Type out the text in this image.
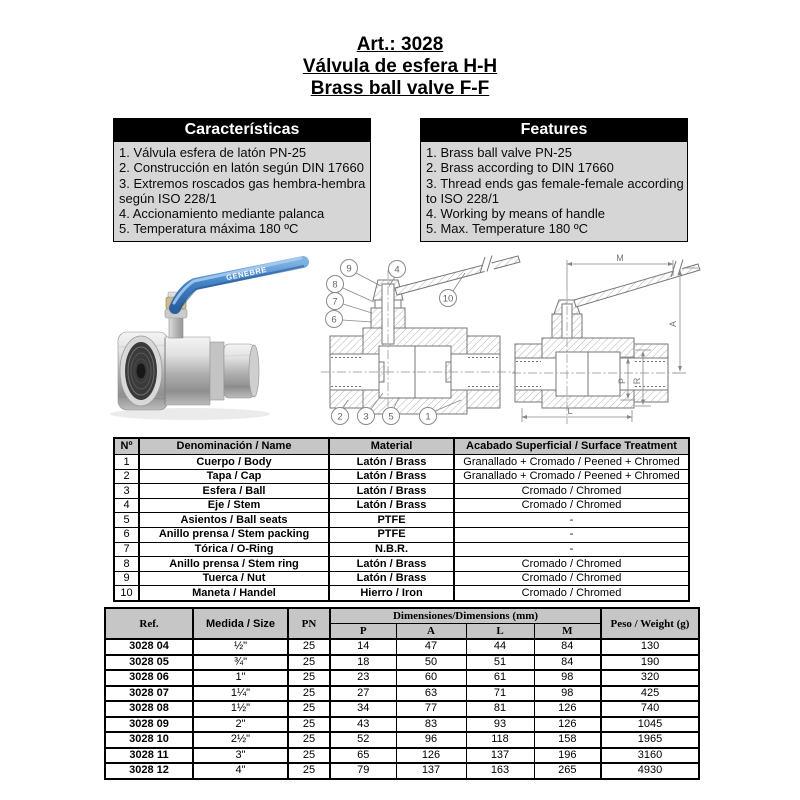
Art.: 3028
Válvula de esfera H-H
Brass ball valve F-F
Características
1. Válvula esfera de latón PN-25
2. Construcción en latón según DIN 17660
3. Extremos roscados gas hembra-hembra
según ISO 228/1
4. Accionamiento mediante palanca
5. Temperatura máxima 180 ºC
Features
1. Brass ball valve PN-25
2. Brass according to DIN 17660
3. Thread ends gas female-female according
to ISO 228/1
4. Working by means of handle
5. Max. Temperature 180 ºC
GENEBRE	9	4
8
7
6
10
2 3 5	1
M
A
P R
L
Nº	Denominación / Name	Material	Acabado Superficial / Surface Treatment
1	Cuerpo / Body	Latón / Brass	Granallado + Cromado / Peened + Chromed
2	Tapa / Cap	Latón / Brass	Granallado + Cromado / Peened + Chromed
3	Esfera / Ball	Latón / Brass	Cromado / Chromed
4	Eje / Stem	Latón / Brass	Cromado / Chromed
5	Asientos / Ball seats	PTFE	-
6	Anillo prensa / Stem packing	PTFE	-
7	Tórica / O-Ring	N.B.R.	-
8	Anillo prensa / Stem ring	Latón / Brass	Cromado / Chromed
9	Tuerca / Nut	Latón / Brass	Cromado / Chromed
10	Maneta / Handel	Hierro / Iron	Cromado / Chromed
Ref.	Medida / Size	PN	Dimensiones/Dimensions (mm)				Peso / Weight (g)
			P	A	L	M	
3028 04	½"	25	14	47	44	84	130
3028 05	¾"	25	18	50	51	84	190
3028 06	1"	25	23	60	61	98	320
3028 07	1¼"	25	27	63	71	98	425
3028 08	1½"	25	34	77	81	126	740
3028 09	2"	25	43	83	93	126	1045
3028 10	2½"	25	52	96	118	158	1965
3028 11	3"	25	65	126	137	196	3160
3028 12	4"	25	79	137	163	265	4930
